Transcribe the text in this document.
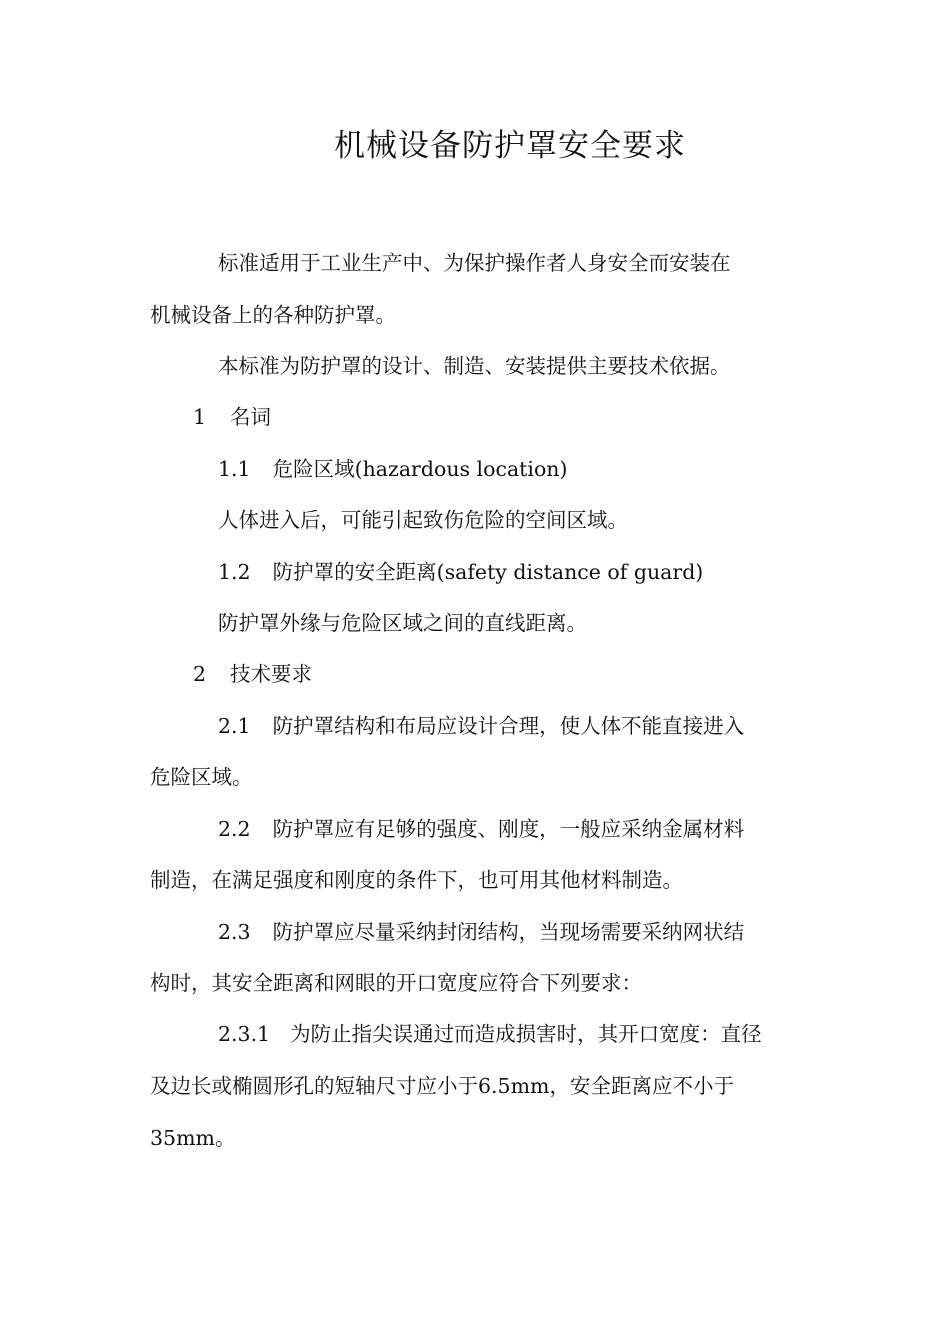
机械设备防护罩安全要求
标准适用于工业生产中、为保护操作者人身安全而安装在
机械设备上的各种防护罩。
本标准为防护罩的设计、制造、安装提供主要技术依据。
1 名词
1.1 危险区域(hazardous location)
人体进入后，可能引起致伤危险的空间区域。
1.2 防护罩的安全距离(safety distance of guard)
防护罩外缘与危险区域之间的直线距离。
2 技术要求
2.1 防护罩结构和布局应设计合理，使人体不能直接进入
危险区域。
2.2 防护罩应有足够的强度、刚度，一般应采纳金属材料
制造，在满足强度和刚度的条件下，也可用其他材料制造。
2.3 防护罩应尽量采纳封闭结构，当现场需要采纳网状结
构时，其安全距离和网眼的开口宽度应符合下列要求：
2.3.1 为防止指尖误通过而造成损害时，其开口宽度：直径
及边长或椭圆形孔的短轴尺寸应小于6.5mm，安全距离应不小于
35mm。
